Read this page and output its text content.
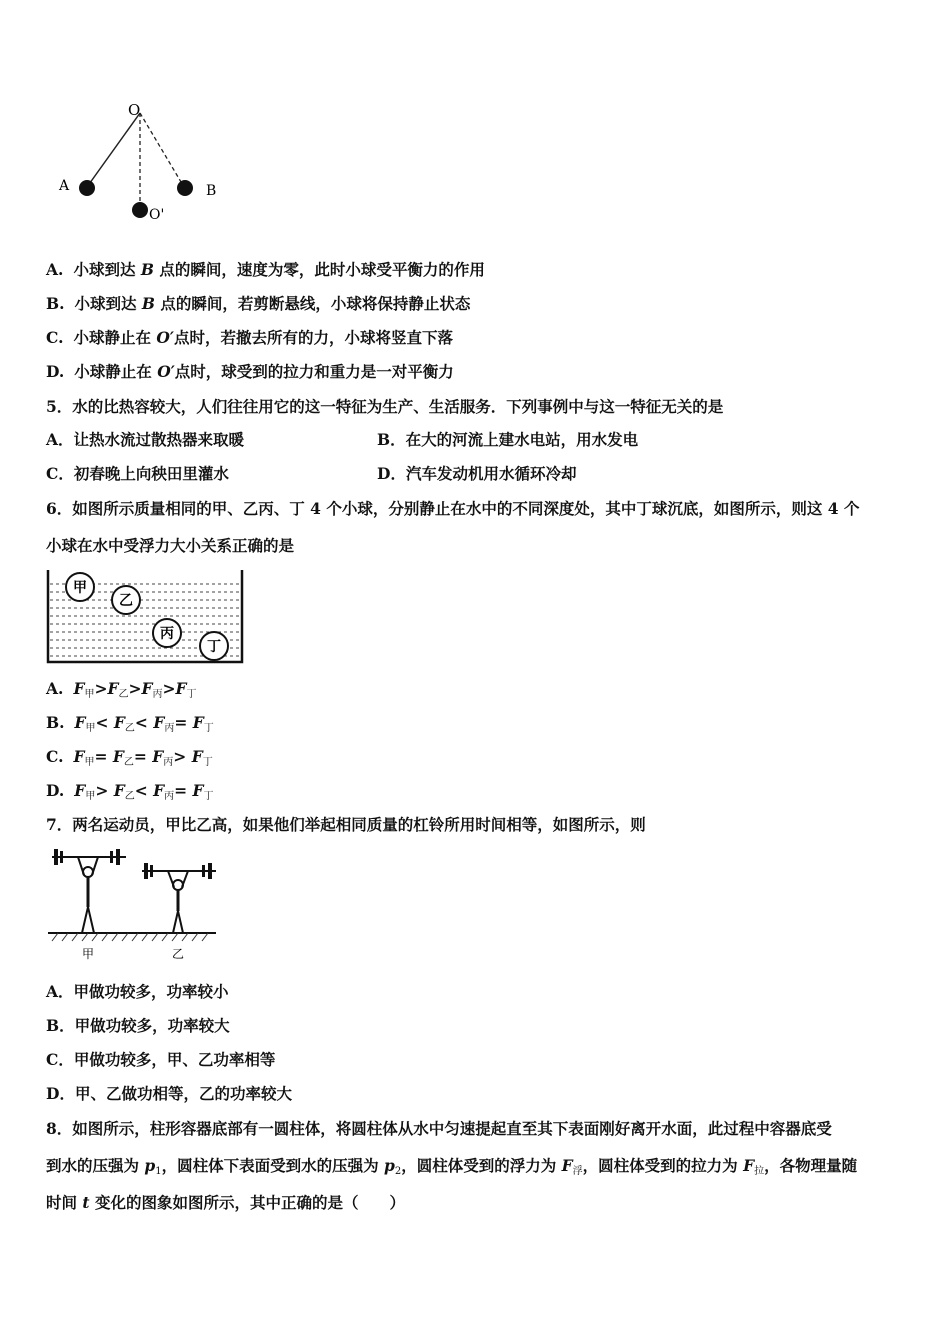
O
A	B
O'
A. 小球到达 B 点的瞬间，速度为零，此时小球受平衡力的作用
B. 小球到达 B 点的瞬间，若剪断悬线，小球将保持静止状态
C. 小球静止在 O′点时，若撤去所有的力，小球将竖直下落
D. 小球静止在 O′点时，球受到的拉力和重力是一对平衡力
5．水的比热容较大，人们往往用它的这一特征为生产、生活服务．下列事例中与这一特征无关的是
A．让热水流过散热器来取暖	B．在大的河流上建水电站，用水发电
C．初春晚上向秧田里灌水	D．汽车发动机用水循环冷却
6．如图所示质量相同的甲、乙丙、丁 4 个小球，分别静止在水中的不同深度处，其中丁球沉底，如图所示，则这 4 个
小球在水中受浮力大小关系正确的是
甲
乙
丙
丁
A. $F_甲>F_乙>F_丙>F_丁$
B. $F_甲< F_乙< F_丙= F_丁$
C. $F_甲= F_乙= F_丙> F_丁$
D. $F_甲> F_乙< F_丙= F_丁$
7．两名运动员，甲比乙高，如果他们举起相同质量的杠铃所用时间相等，如图所示，则
甲	乙
A．甲做功较多，功率较小
B．甲做功较多，功率较大
C．甲做功较多，甲、乙功率相等
D．甲、乙做功相等，乙的功率较大
8．如图所示，柱形容器底部有一圆柱体，将圆柱体从水中匀速提起直至其下表面刚好离开水面，此过程中容器底受
到水的压强为 $p_1$，圆柱体下表面受到水的压强为 $p_2$，圆柱体受到的浮力为 $F_浮$，圆柱体受到的拉力为 $F_拉$，各物理量随
时间 t 变化的图象如图所示，其中正确的是（　　）
